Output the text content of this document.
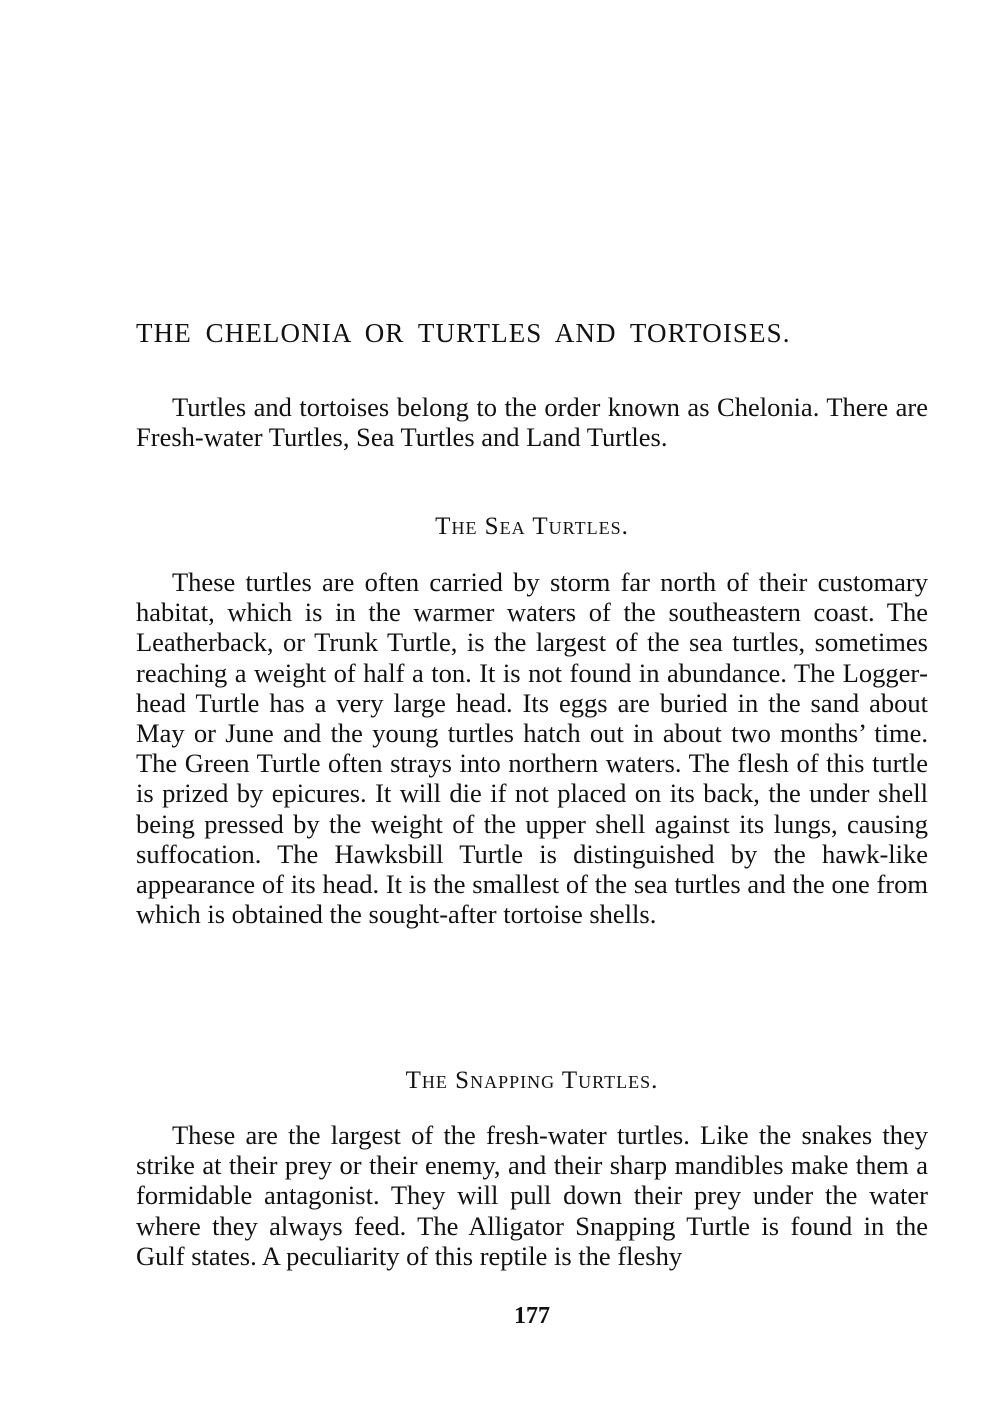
THE CHELONIA OR TURTLES AND TORTOISES.

Turtles and tortoises belong to the order known as Chelonia. There are Fresh-water Turtles, Sea Turtles and Land Turtles.

The Sea Turtles.

These turtles are often carried by storm far north of their customary habitat, which is in the warmer waters of the southeastern coast. The Leatherback, or Trunk Turtle, is the largest of the sea turtles, sometimes reaching a weight of half a ton. It is not found in abundance. The Loggerhead Turtle has a very large head. Its eggs are buried in the sand about May or June and the young turtles hatch out in about two months’ time. The Green Turtle often strays into northern waters. The flesh of this turtle is prized by epicures. It will die if not placed on its back, the under shell being pressed by the weight of the upper shell against its lungs, causing suffocation. The Hawksbill Turtle is distinguished by the hawk-like appearance of its head. It is the smallest of the sea turtles and the one from which is obtained the sought-after tortoise shells.

The Snapping Turtles.

These are the largest of the fresh-water turtles. Like the snakes they strike at their prey or their enemy, and their sharp mandibles make them a formidable antagonist. They will pull down their prey under the water where they always feed. The Alligator Snapping Turtle is found in the Gulf states. A peculiarity of this reptile is the fleshy

177
